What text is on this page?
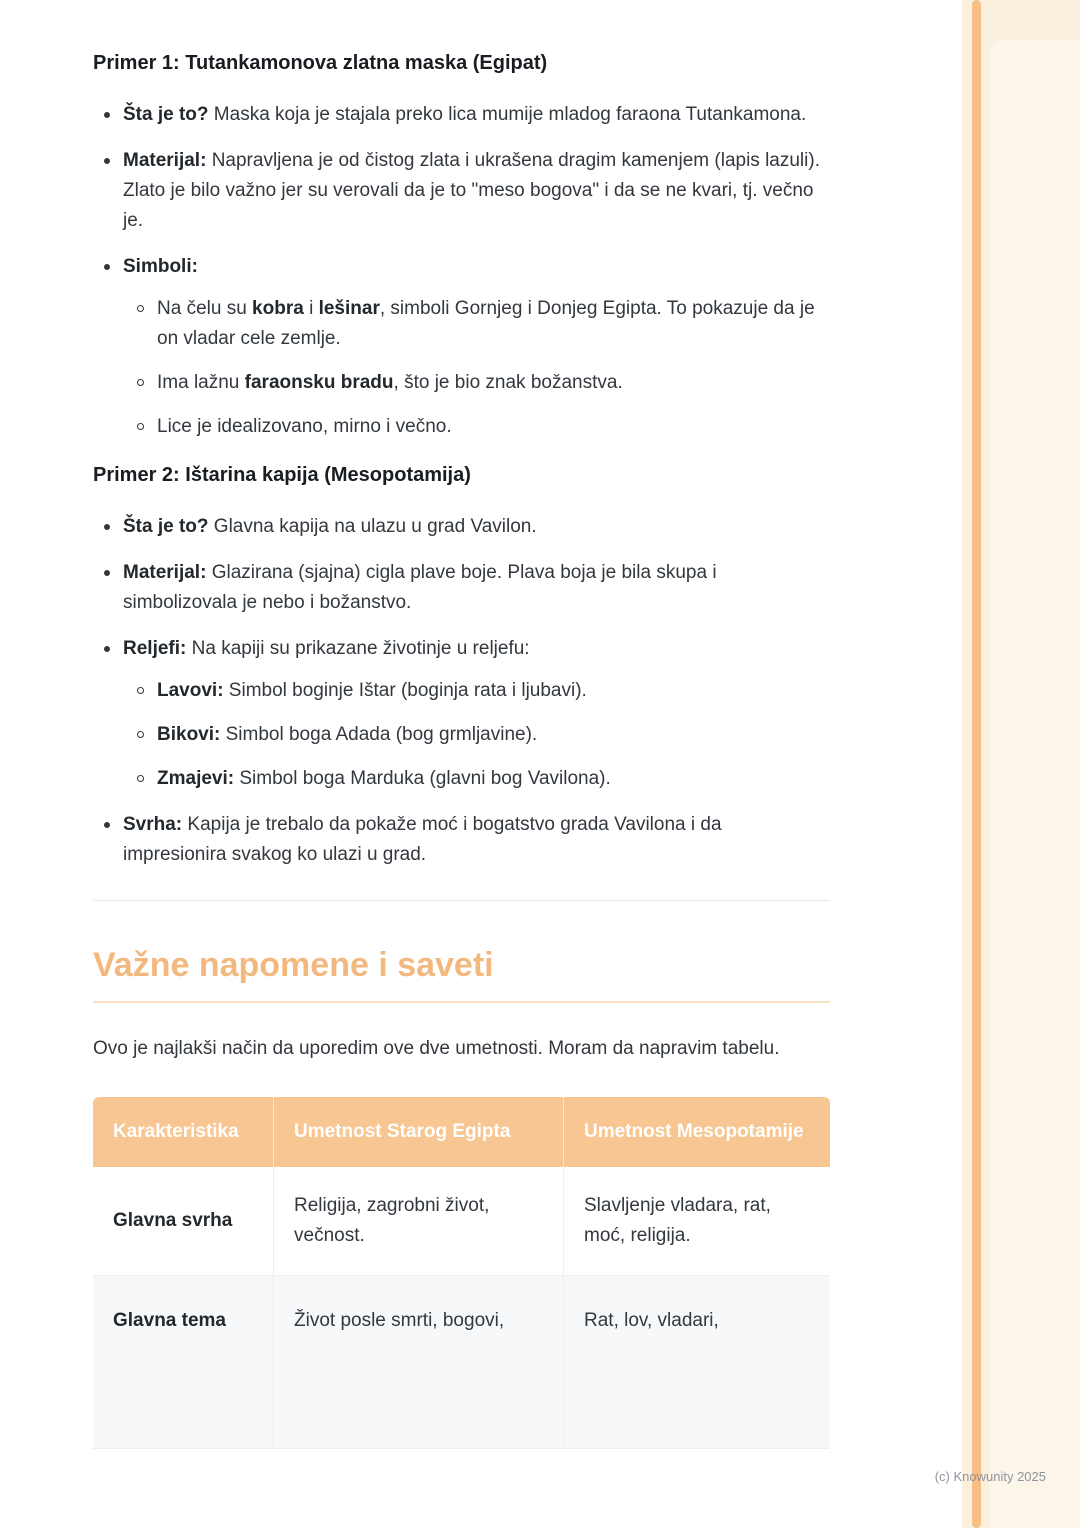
Primer 1: Tutankamonova zlatna maska (Egipat)
Šta je to? Maska koja je stajala preko lica mumije mladog faraona Tutankamona.
Materijal: Napravljena je od čistog zlata i ukrašena dragim kamenjem (lapis lazuli). Zlato je bilo važno jer su verovali da je to "meso bogova" i da se ne kvari, tj. večno je.
Simboli:
Na čelu su kobra i lešinar, simboli Gornjeg i Donjeg Egipta. To pokazuje da je on vladar cele zemlje.
Ima lažnu faraonsku bradu, što je bio znak božanstva.
Lice je idealizovano, mirno i večno.
Primer 2: Ištarina kapija (Mesopotamija)
Šta je to? Glavna kapija na ulazu u grad Vavilon.
Materijal: Glazirana (sjajna) cigla plave boje. Plava boja je bila skupa i simbolizovala je nebo i božanstvo.
Reljefi: Na kapiji su prikazane životinje u reljefu:
Lavovi: Simbol boginje Ištar (boginja rata i ljubavi).
Bikovi: Simbol boga Adada (bog grmljavine).
Zmajevi: Simbol boga Marduka (glavni bog Vavilona).
Svrha: Kapija je trebalo da pokaže moć i bogatstvo grada Vavilona i da impresionira svakog ko ulazi u grad.
Važne napomene i saveti

Ovo je najlakši način da uporedim ove dve umetnosti. Moram da napravim tabelu.

Karakteristika	Umetnost Starog Egipta	Umetnost Mesopotamije
Glavna svrha	Religija, zagrobni život, večnost.	Slavljenje vladara, rat, moć, religija.
Glavna tema	Život posle smrti, bogovi,	Rat, lov, vladari,
(c) Knowunity 2025
